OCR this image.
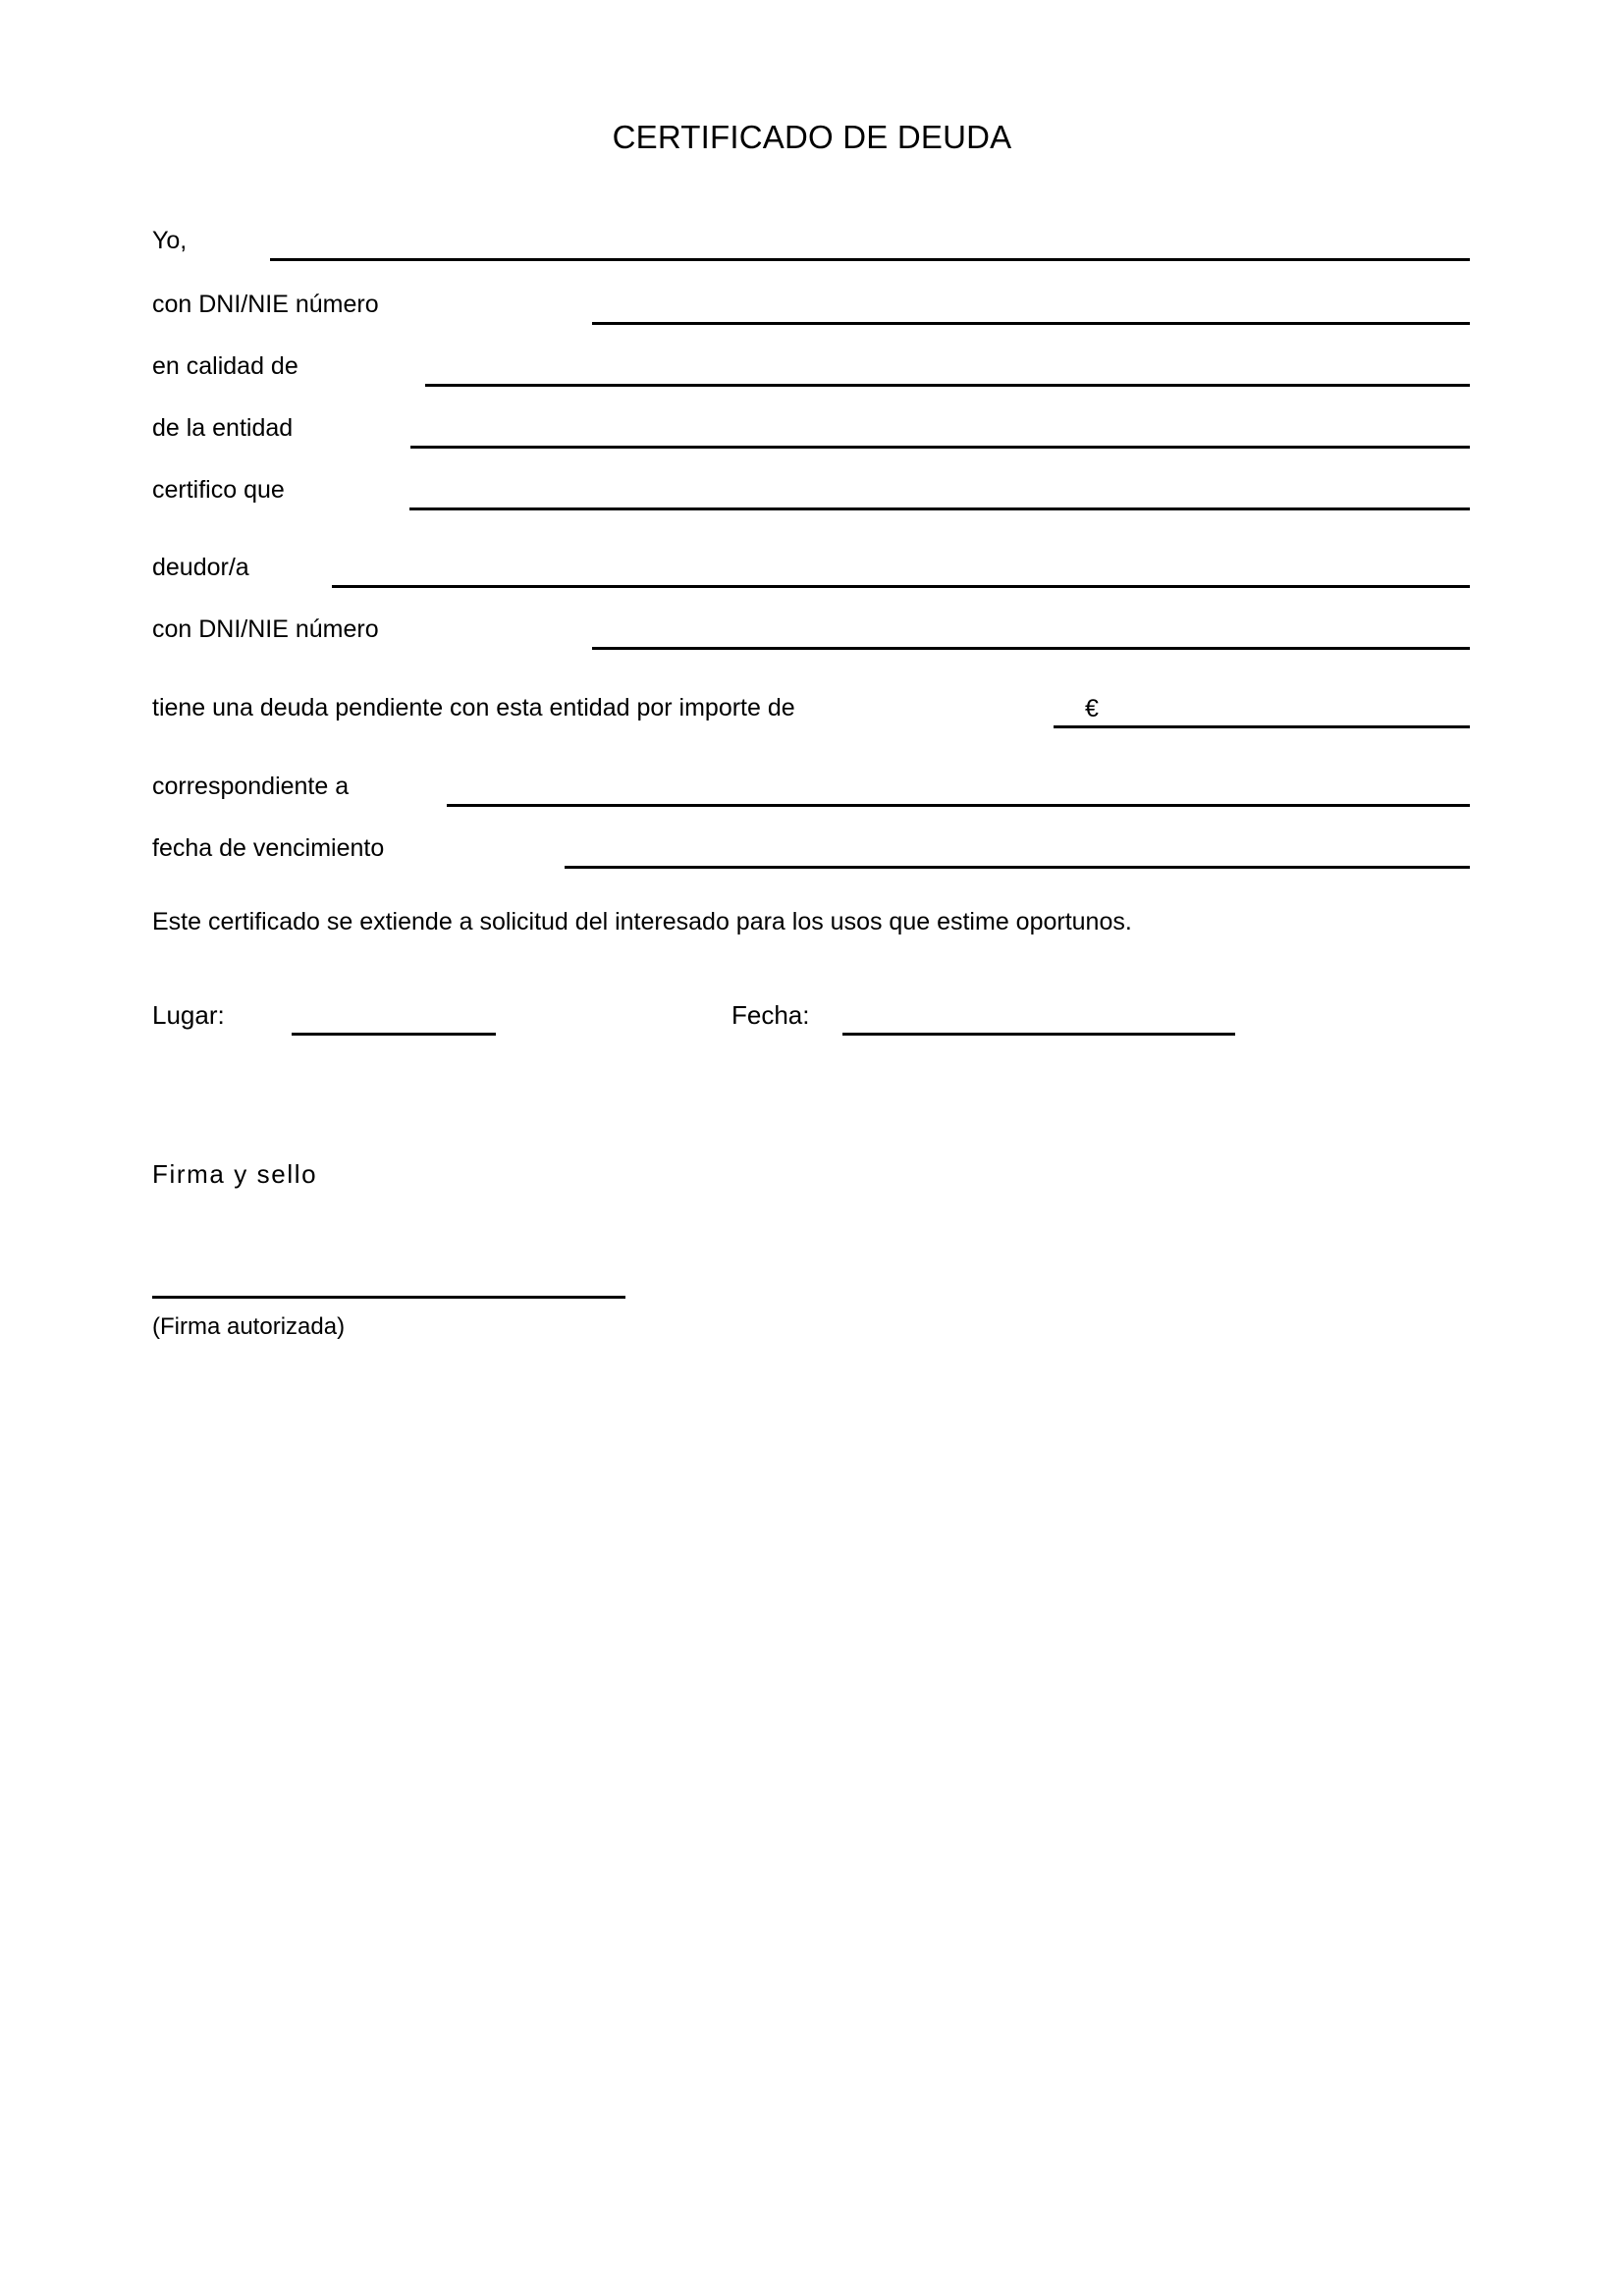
CERTIFICADO DE DEUDA
Yo,
con DNI/NIE número
en calidad de
de la entidad
certifico que
deudor/a
con DNI/NIE número
tiene una deuda pendiente con esta entidad por importe de	€
correspondiente a
fecha de vencimiento
Este certificado se extiende a solicitud del interesado para los usos que estime oportunos.
Lugar:	Fecha:
Firma y sello
(Firma autorizada)
